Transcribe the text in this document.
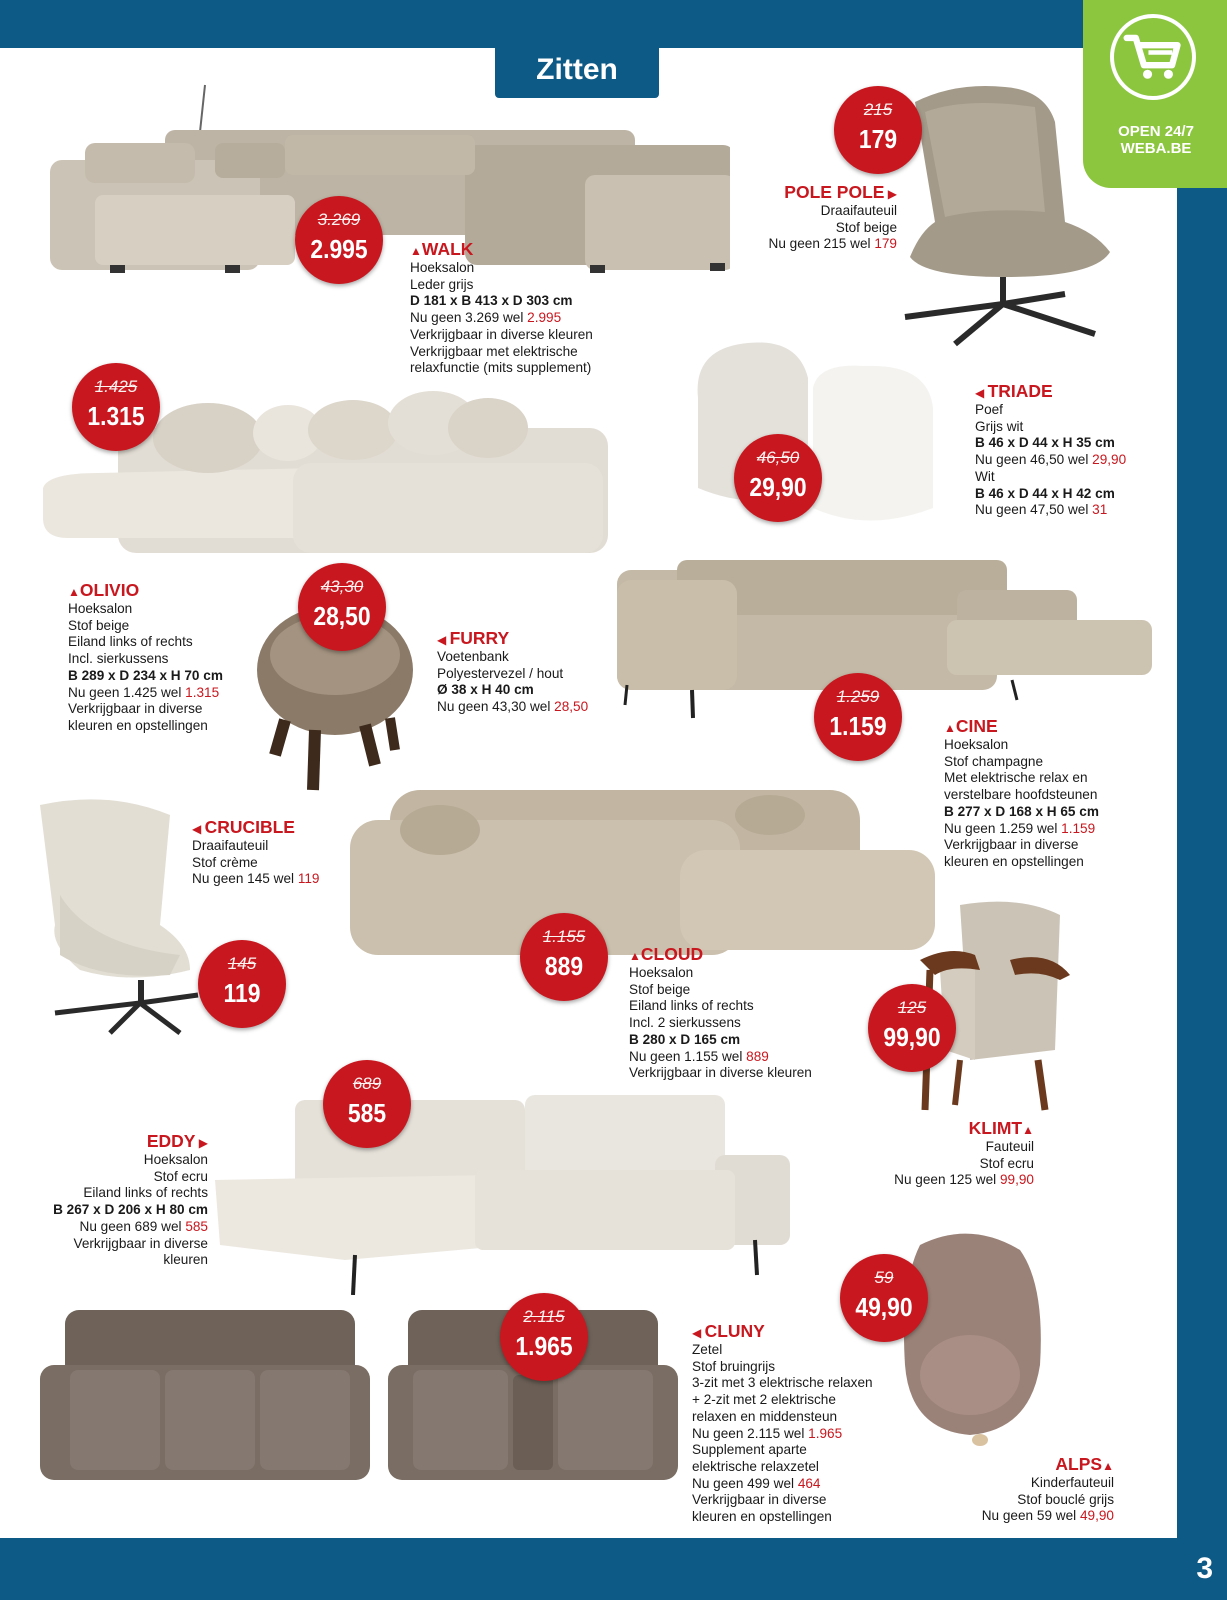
Zitten
OPEN 24/7
WEBA.BE
3
215
179
3.269
2.995
1.425
1.315
46,50
29,90
43,30
28,50
1.259
1.159
1.155
889
145
119	125
99,90
689
585
59
49,90
2.115
1.965
▲WALK
Hoeksalon
Leder grijs
D 181 x B 413 x D 303 cm
Nu geen 3.269 wel 2.995
Verkrijgbaar in diverse kleuren
Verkrijgbaar met elektrische
relaxfunctie (mits supplement)
POLE POLE ▶
Draaifauteuil
Stof beige
Nu geen 215 wel 179
◀ TRIADE
Poef
Grijs wit
B 46 x D 44 x H 35 cm
Nu geen 46,50 wel 29,90
Wit
B 46 x D 44 x H 42 cm
Nu geen 47,50 wel 31
▲OLIVIO
Hoeksalon
Stof beige
Eiland links of rechts
Incl. sierkussens
B 289 x D 234 x H 70 cm
Nu geen 1.425 wel 1.315
Verkrijgbaar in diverse
kleuren en opstellingen
◀ FURRY
Voetenbank
Polyestervezel / hout
Ø 38 x H 40 cm
Nu geen 43,30 wel 28,50
▲CINE
Hoeksalon
Stof champagne
Met elektrische relax en
verstelbare hoofdsteunen
B 277 x D 168 x H 65 cm
Nu geen 1.259 wel 1.159
Verkrijgbaar in diverse
kleuren en opstellingen
◀ CRUCIBLE
Draaifauteuil
Stof crème
Nu geen 145 wel 119
▲CLOUD
Hoeksalon
Stof beige
Eiland links of rechts
Incl. 2 sierkussens
B 280 x D 165 cm
Nu geen 1.155 wel 889
Verkrijgbaar in diverse kleuren
KLIMT▲
Fauteuil
Stof ecru
Nu geen 125 wel 99,90
EDDY ▶
Hoeksalon
Stof ecru
Eiland links of rechts
B 267 x D 206 x H 80 cm
Nu geen 689 wel 585
Verkrijgbaar in diverse
kleuren
◀ CLUNY
Zetel
Stof bruingrijs
3-zit met 3 elektrische relaxen
+ 2-zit met 2 elektrische
relaxen en middensteun
Nu geen 2.115 wel 1.965
Supplement aparte
elektrische relaxzetel
Nu geen 499 wel 464
Verkrijgbaar in diverse
kleuren en opstellingen
ALPS▲
Kinderfauteuil
Stof bouclé grijs
Nu geen 59 wel 49,90
